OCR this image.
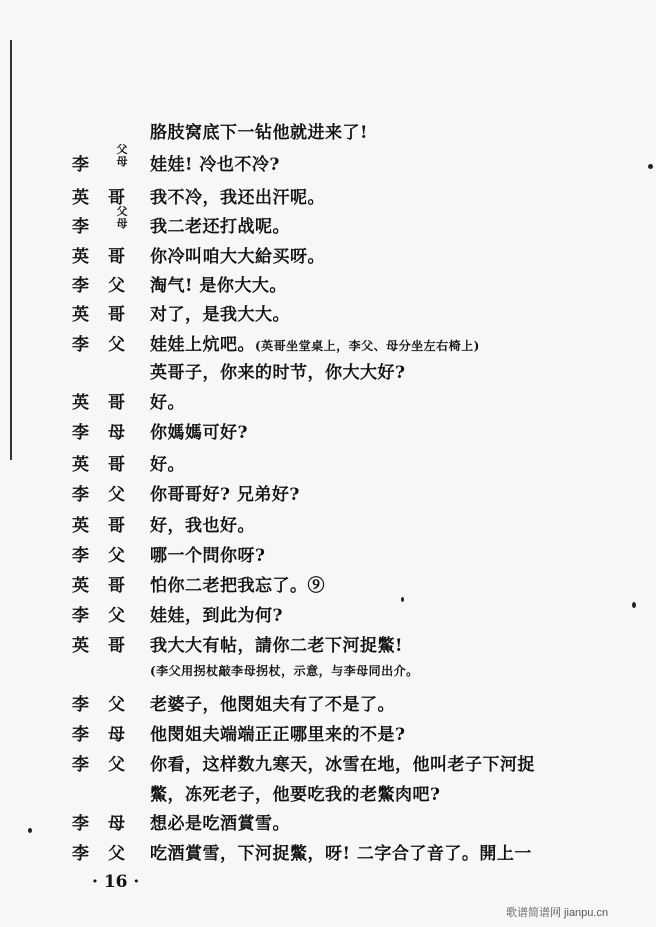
胳肢窝底下一钻他就进来了!
李
父
母 娃娃! 冷也不冷?
英 哥 我不冷，我还出汗呢。
李
父
母 我二老还打战呢。
英 哥 你冷叫咱大大給买呀。
李 父 淘气! 是你大大。
英 哥 对了，是我大大。
李 父 娃娃上炕吧。(英哥坐堂桌上，李父、母分坐左右椅上)
英哥子，你来的时节，你大大好?
英 哥 好。
李 母 你媽媽可好?
英 哥 好。
李 父 你哥哥好? 兄弟好?
英 哥 好，我也好。
李 父 哪一个問你呀?
英 哥 怕你二老把我忘了。⑨
李 父 娃娃，到此为何?
英 哥 我大大有帖，請你二老下河捉鱉!
(李父用拐杖敲李母拐杖，示意，与李母同出介。
李 父 老婆子，他閔姐夫有了不是了。
李 母 他閔姐夫端端正正哪里来的不是?
李 父 你看，这样数九寒天，冰雪在地，他叫老子下河捉
鱉，冻死老子，他要吃我的老鱉肉吧?
李 母 想必是吃酒賞雪。
李 父 吃酒賞雪，下河捉鱉，呀! 二字合了音了。開上一
· 16 ·
歌谱简谱网 jianpu.cn
